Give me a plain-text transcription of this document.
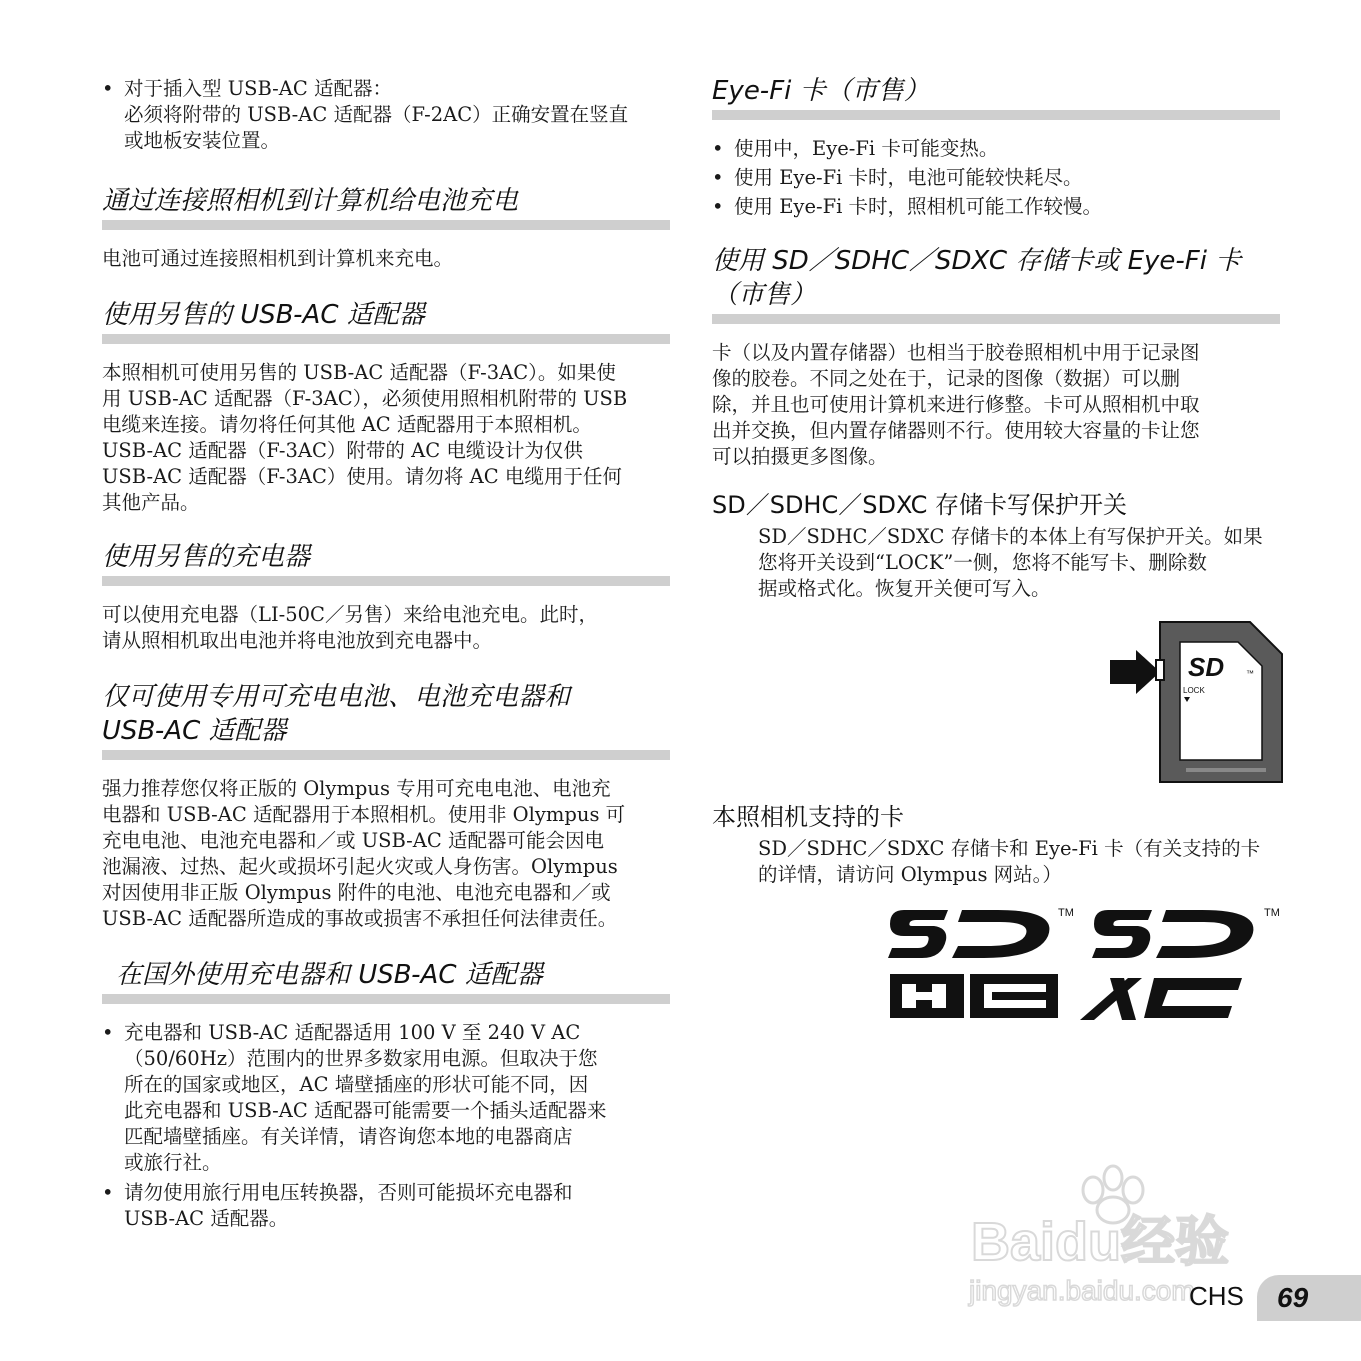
• 对于插入型 USB-AC 适配器：
必须将附带的 USB-AC 适配器（F-2AC）正确安置在竖直
或地板安装位置。
通过连接照相机到计算机给电池充电

电池可通过连接照相机到计算机来充电。

使用另售的 USB-AC 适配器

本照相机可使用另售的 USB-AC 适配器（F-3AC）。如果使
用 USB-AC 适配器（F-3AC），必须使用照相机附带的 USB
电缆来连接。请勿将任何其他 AC 适配器用于本照相机。
USB-AC 适配器（F-3AC）附带的 AC 电缆设计为仅供
USB-AC 适配器（F-3AC）使用。请勿将 AC 电缆用于任何
其他产品。

使用另售的充电器

可以使用充电器（LI-50C／另售）来给电池充电。此时，
请从照相机取出电池并将电池放到充电器中。

仅可使用专用可充电电池、电池充电器和
USB-AC 适配器

强力推荐您仅将正版的 Olympus 专用可充电电池、电池充
电器和 USB-AC 适配器用于本照相机。使用非 Olympus 可
充电电池、电池充电器和／或 USB-AC 适配器可能会因电
池漏液、过热、起火或损坏引起火灾或人身伤害。Olympus
对因使用非正版 Olympus 附件的电池、电池充电器和／或
USB-AC 适配器所造成的事故或损害不承担任何法律责任。

在国外使用充电器和 USB-AC 适配器
• 充电器和 USB-AC 适配器适用 100 V 至 240 V AC
（50/60Hz）范围内的世界多数家用电源。但取决于您
所在的国家或地区，AC 墙壁插座的形状可能不同，因
此充电器和 USB-AC 适配器可能需要一个插头适配器来
匹配墙壁插座。有关详情，请咨询您本地的电器商店
或旅行社。
• 请勿使用旅行用电压转换器，否则可能损坏充电器和
USB-AC 适配器。
Eye-Fi 卡（市售）
• 使用中，Eye-Fi 卡可能变热。
• 使用 Eye-Fi 卡时，电池可能较快耗尽。
• 使用 Eye-Fi 卡时，照相机可能工作较慢。
使用 SD／SDHC／SDXC 存储卡或 Eye-Fi 卡
（市售）

卡（以及内置存储器）也相当于胶卷照相机中用于记录图
像的胶卷。不同之处在于，记录的图像（数据）可以删
除，并且也可使用计算机来进行修整。卡可从照相机中取
出并交换，但内置存储器则不行。使用较大容量的卡让您
可以拍摄更多图像。

SD／SDHC／SDXC 存储卡写保护开关

SD／SDHC／SDXC 存储卡的本体上有写保护开关。如果
您将开关设到“LOCK”一侧，您将不能写卡、删除数
据或格式化。恢复开关便可写入。

SD	™
LOCK
本照相机支持的卡

SD／SDHC／SDXC 存储卡和 Eye-Fi 卡（有关支持的卡
的详情，请访问 Olympus 网站。）

TM	TM
Baidu经验
jingyan.baidu.com
CHS	69
